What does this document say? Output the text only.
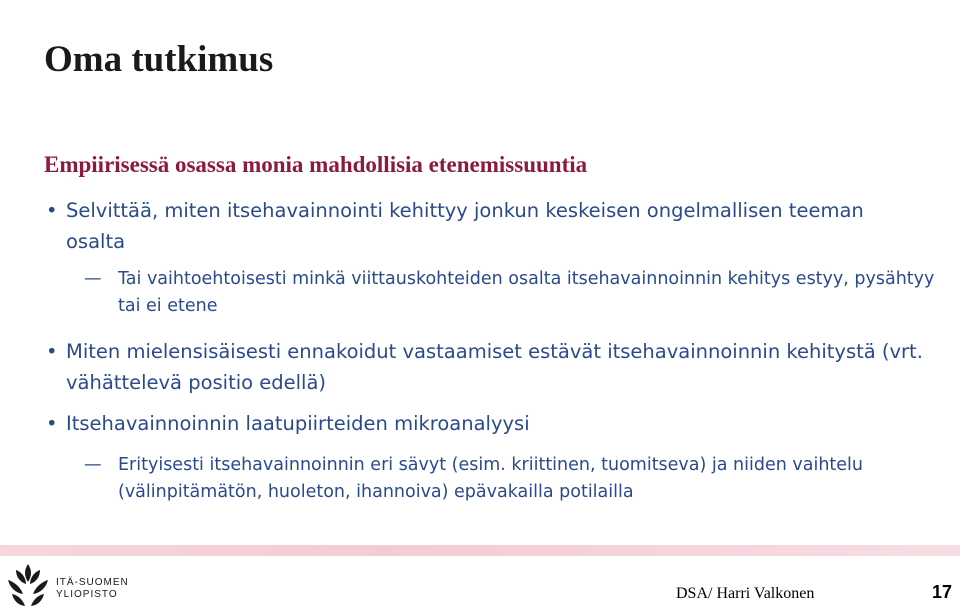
Oma tutkimus
Empiirisessä osassa monia mahdollisia etenemissuuntia
• Selvittää, miten itsehavainnointi kehittyy jonkun keskeisen ongelmallisen teeman osalta
— Tai vaihtoehtoisesti minkä viittauskohteiden osalta itsehavainnoinnin kehitys estyy, pysähtyy tai ei etene
• Miten mielensisäisesti ennakoidut vastaamiset estävät itsehavainnoinnin kehitystä (vrt. vähättelevä positio edellä)
• Itsehavainnoinnin laatupiirteiden mikroanalyysi
— Erityisesti itsehavainnoinnin eri sävyt (esim. kriittinen, tuomitseva) ja niiden vaihtelu (välinpitämätön, huoleton, ihannoiva) epävakailla potilailla
ITÄ-SUOMEN
YLIOPISTO	DSA/ Harri Valkonen	17
